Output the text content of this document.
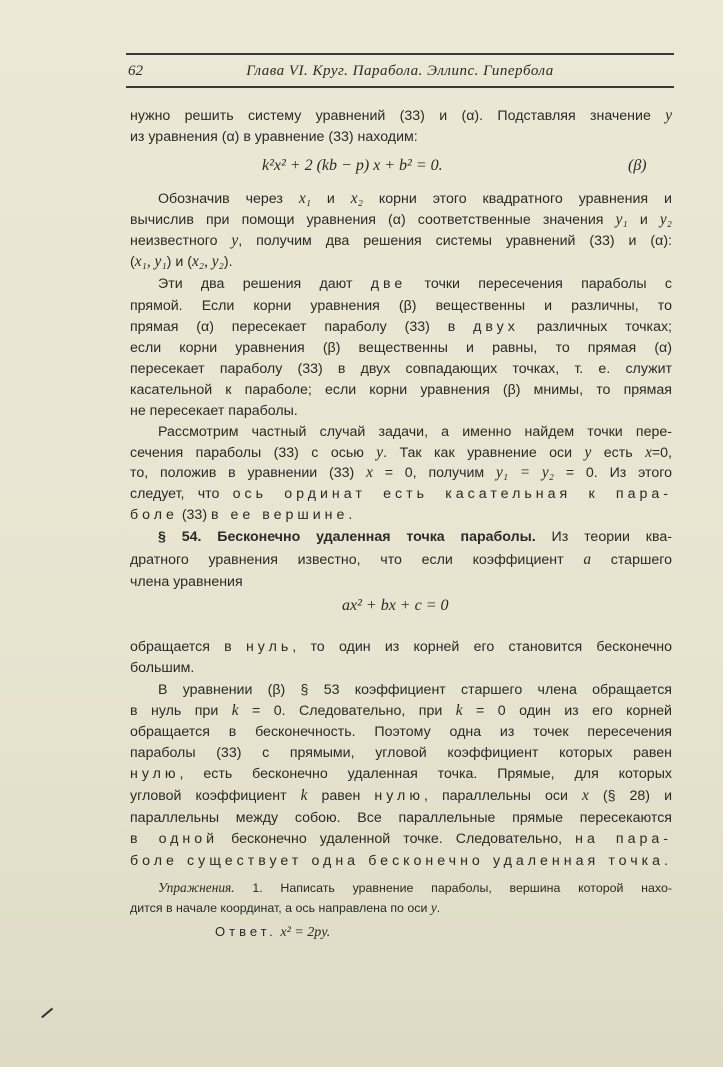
62	Глава VI. Круг. Парабола. Эллипс. Гипербола
нужно решить систему уравнений (33) и (α). Подставляя значение y
из уравнения (α) в уравнение (33) находим:
Обозначив через x₁ и x₂ корни этого квадратного уравнения и
вычислив при помощи уравнения (α) соответственные значения y₁ и y₂
неизвестного y, получим два решения системы уравнений (33) и (α):
(x₁, y₁) и (x₂, y₂).
Эти два решения дают две точки пересечения параболы с
прямой. Если корни уравнения (β) вещественны и различны, то
прямая (α) пересекает параболу (33) в двух различных точках;
если корни уравнения (β) вещественны и равны, то прямая (α)
пересекает параболу (33) в двух совпадающих точках, т. е. служит
касательной к параболе; если корни уравнения (β) мнимы, то прямая
не пересекает параболы.
Рассмотрим частный случай задачи, а именно найдем точки пере-
сечения параболы (33) с осью y. Так как уравнение оси y есть x=0,
то, положив в уравнении (33) x = 0, получим y₁ = y₂ = 0. Из этого
следует, что ось ординат есть касательная к пара-
боле (33) в ее вершине.
§ 54. Бесконечно удаленная точка параболы. Из теории ква-
дратного уравнения известно, что если коэффициент a старшего
члена уравнения
обращается в нуль, то один из корней его становится бесконечно
большим.
В уравнении (β) § 53 коэффициент старшего члена обращается
в нуль при k = 0. Следовательно, при k = 0 один из его корней
обращается в бесконечность. Поэтому одна из точек пересечения
параболы (33) с прямыми, угловой коэффициент которых равен
нулю, есть бесконечно удаленная точка. Прямые, для которых
угловой коэффициент k равен нулю, параллельны оси x (§ 28) и
параллельны между собою. Все параллельные прямые пересекаются
в одной бесконечно удаленной точке. Следовательно, на пара-
боле существует одна бесконечно удаленная точка.
Упражнения. 1. Написать уравнение параболы, вершина которой нахо-
дится в начале координат, а ось направлена по оси y.
k²x² + 2 (kb − p) x + b² = 0.	(β)
ax² + bx + c = 0
Ответ. x² = 2py.
